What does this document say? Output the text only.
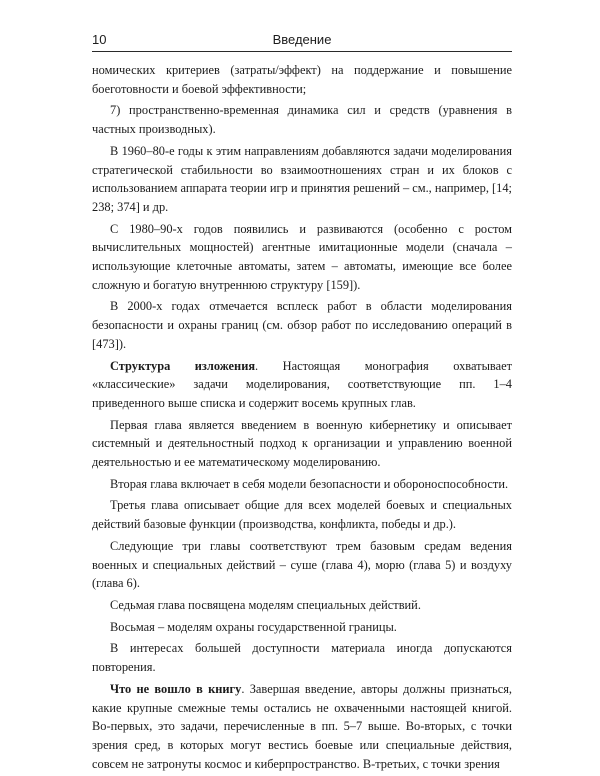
10	Введение

номических критериев (затраты/эффект) на поддержание и повышение боеготовности и боевой эффективности;

7) пространственно-временная динамика сил и средств (уравнения в частных производных).

В 1960–80-е годы к этим направлениям добавляются задачи моделирования стратегической стабильности во взаимоотношениях стран и их блоков с использованием аппарата теории игр и принятия решений – см., например, [14; 238; 374] и др.

С 1980–90-х годов появились и развиваются (особенно с ростом вычислительных мощностей) агентные имитационные модели (сначала – использующие клеточные автоматы, затем – автоматы, имеющие все более сложную и богатую внутреннюю структуру [159]).

В 2000-х годах отмечается всплеск работ в области моделирования безопасности и охраны границ (см. обзор работ по исследованию операций в [473]).

Структура изложения. Настоящая монография охватывает «классические» задачи моделирования, соответствующие пп. 1–4 приведенного выше списка и содержит восемь крупных глав.

Первая глава является введением в военную кибернетику и описывает системный и деятельностный подход к организации и управлению военной деятельностью и ее математическому моделированию.

Вторая глава включает в себя модели безопасности и обороноспособности.

Третья глава описывает общие для всех моделей боевых и специальных действий базовые функции (производства, конфликта, победы и др.).

Следующие три главы соответствуют трем базовым средам ведения военных и специальных действий – суше (глава 4), морю (глава 5) и воздуху (глава 6).

Седьмая глава посвящена моделям специальных действий.

Восьмая – моделям охраны государственной границы.

В интересах большей доступности материала иногда допускаются повторения.

Что не вошло в книгу. Завершая введение, авторы должны признаться, какие крупные смежные темы остались не охваченными настоящей книгой. Во-первых, это задачи, перечисленные в пп. 5–7 выше. Во-вторых, с точки зрения сред, в которых могут вестись боевые или специальные действия, совсем не затронуты космос и киберпространство. В-третьих, с точки зрения
